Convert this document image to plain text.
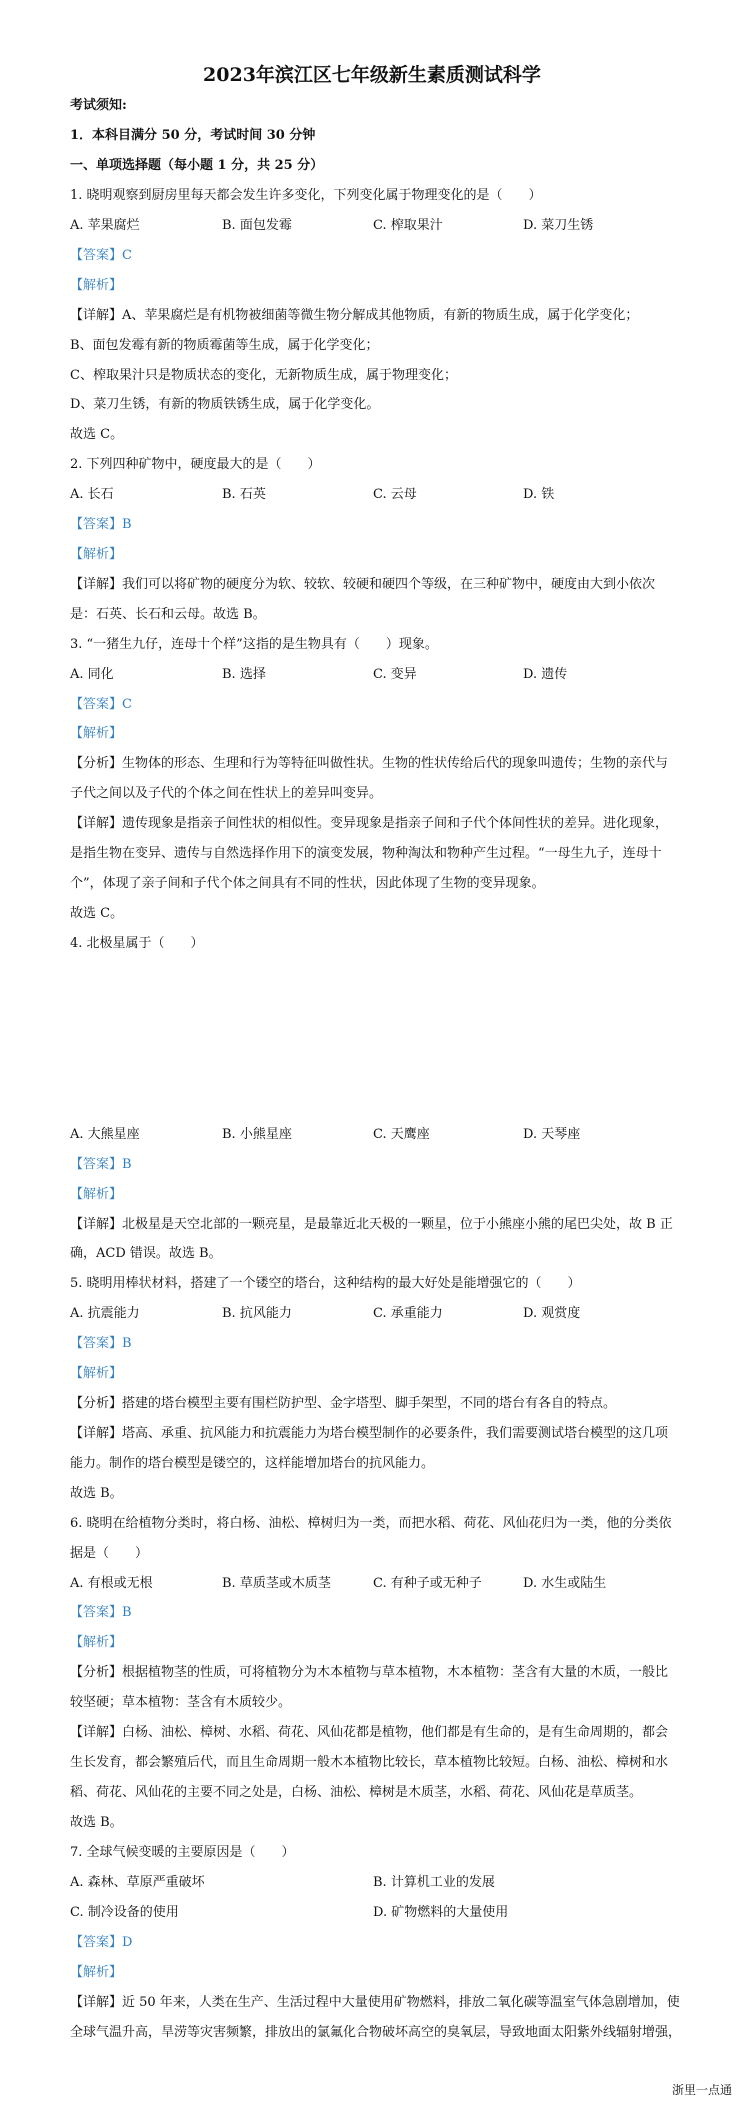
2023年滨江区七年级新生素质测试科学
考试须知:
1．本科目满分 50 分，考试时间 30 分钟
一、单项选择题（每小题 1 分，共 25 分）
1. 晓明观察到厨房里每天都会发生许多变化，下列变化属于物理变化的是（　　）
A. 苹果腐烂	B. 面包发霉	C. 榨取果汁	D. 菜刀生锈
【答案】C
【解析】
【详解】A、苹果腐烂是有机物被细菌等微生物分解成其他物质，有新的物质生成，属于化学变化；
B、面包发霉有新的物质霉菌等生成，属于化学变化；
C、榨取果汁只是物质状态的变化，无新物质生成，属于物理变化；
D、菜刀生锈，有新的物质铁锈生成，属于化学变化。
故选 C。
2. 下列四种矿物中，硬度最大的是（　　）
A. 长石	B. 石英	C. 云母	D. 铁
【答案】B
【解析】
【详解】我们可以将矿物的硬度分为软、较软、较硬和硬四个等级，在三种矿物中，硬度由大到小依次
是：石英、长石和云母。故选 B。
3. “一猪生九仔，连母十个样”这指的是生物具有（　　）现象。
A. 同化	B. 选择	C. 变异	D. 遗传
【答案】C
【解析】
【分析】生物体的形态、生理和行为等特征叫做性状。生物的性状传给后代的现象叫遗传；生物的亲代与
子代之间以及子代的个体之间在性状上的差异叫变异。
【详解】遗传现象是指亲子间性状的相似性。变异现象是指亲子间和子代个体间性状的差异。进化现象，
是指生物在变异、遗传与自然选择作用下的演变发展，物种淘汰和物种产生过程。“一母生九子，连母十
个”，体现了亲子间和子代个体之间具有不同的性状，因此体现了生物的变异现象。
故选 C。
4. 北极星属于（　　）
A. 大熊星座	B. 小熊星座	C. 天鹰座	D. 天琴座
【答案】B
【解析】
【详解】北极星是天空北部的一颗亮星，是最靠近北天极的一颗星，位于小熊座小熊的尾巴尖处，故 B 正
确，ACD 错误。故选 B。
5. 晓明用棒状材料，搭建了一个镂空的塔台，这种结构的最大好处是能增强它的（　　）
A. 抗震能力	B. 抗风能力	C. 承重能力	D. 观赏度
【答案】B
【解析】
【分析】搭建的塔台模型主要有围栏防护型、金字塔型、脚手架型，不同的塔台有各自的特点。
【详解】塔高、承重、抗风能力和抗震能力为塔台模型制作的必要条件，我们需要测试塔台模型的这几项
能力。制作的塔台模型是镂空的，这样能增加塔台的抗风能力。
故选 B。
6. 晓明在给植物分类时，将白杨、油松、樟树归为一类，而把水稻、荷花、风仙花归为一类，他的分类依
据是（　　）
A. 有根或无根	B. 草质茎或木质茎	C. 有种子或无种子	D. 水生或陆生
【答案】B
【解析】
【分析】根据植物茎的性质，可将植物分为木本植物与草本植物，木本植物：茎含有大量的木质，一般比
较坚硬；草本植物：茎含有木质较少。
【详解】白杨、油松、樟树、水稻、荷花、风仙花都是植物，他们都是有生命的，是有生命周期的，都会
生长发育，都会繁殖后代，而且生命周期一般木本植物比较长，草本植物比较短。白杨、油松、樟树和水
稻、荷花、风仙花的主要不同之处是，白杨、油松、樟树是木质茎，水稻、荷花、风仙花是草质茎。
故选 B。
7. 全球气候变暖的主要原因是（　　）
A. 森林、草原严重破坏	B. 计算机工业的发展
C. 制冷设备的使用	D. 矿物燃料的大量使用
【答案】D
【解析】
【详解】近 50 年来，人类在生产、生活过程中大量使用矿物燃料，排放二氧化碳等温室气体急剧增加，使
全球气温升高，旱涝等灾害频繁，排放出的氯氟化合物破坏高空的臭氧层，导致地面太阳紫外线辐射增强，
浙里一点通
